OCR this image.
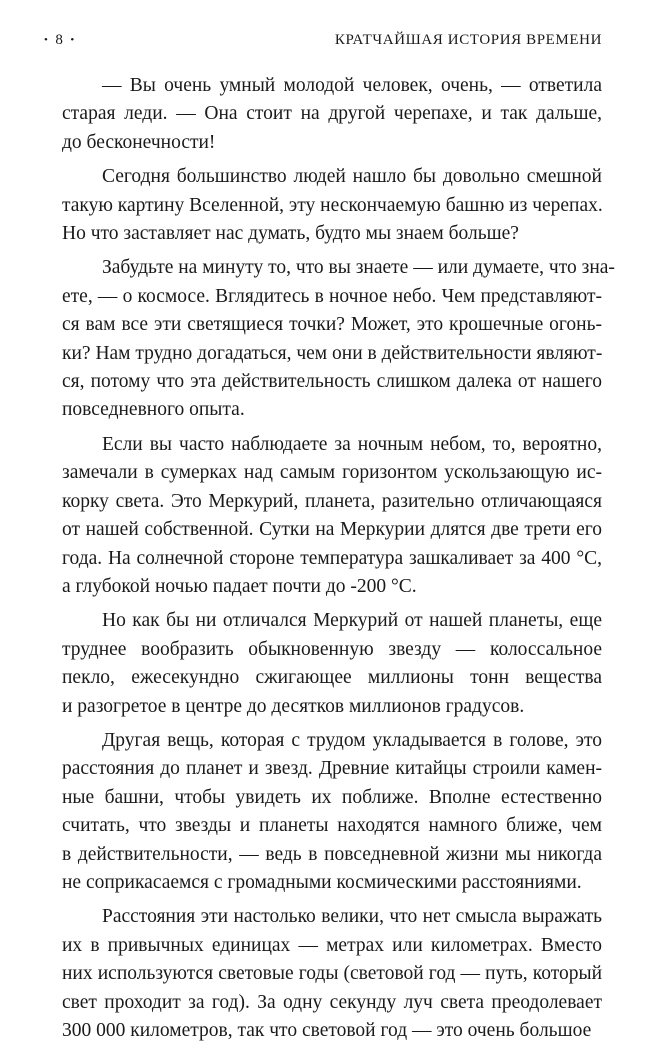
• 8 •	КРАТЧАЙШАЯ ИСТОРИЯ ВРЕМЕНИ
— Вы очень умный молодой человек, очень, — ответила
старая леди. — Она стоит на другой черепахе, и так дальше,
до бесконечности!
Сегодня большинство людей нашло бы довольно смешной
такую картину Вселенной, эту нескончаемую башню из черепах.
Но что заставляет нас думать, будто мы знаем больше?
Забудьте на минуту то, что вы знаете — или думаете, что зна-
ете, — о космосе. Вглядитесь в ночное небо. Чем представляют-
ся вам все эти светящиеся точки? Может, это крошечные огонь-
ки? Нам трудно догадаться, чем они в действительности являют-
ся, потому что эта действительность слишком далека от нашего
повседневного опыта.
Если вы часто наблюдаете за ночным небом, то, вероятно,
замечали в сумерках над самым горизонтом ускользающую ис-
корку света. Это Меркурий, планета, разительно отличающаяся
от нашей собственной. Сутки на Меркурии длятся две трети его
года. На солнечной стороне температура зашкаливает за 400 °C,
а глубокой ночью падает почти до -200 °C.
Но как бы ни отличался Меркурий от нашей планеты, еще
труднее вообразить обыкновенную звезду — колоссальное
пекло, ежесекундно сжигающее миллионы тонн вещества
и разогретое в центре до десятков миллионов градусов.
Другая вещь, которая с трудом укладывается в голове, это
расстояния до планет и звезд. Древние китайцы строили камен-
ные башни, чтобы увидеть их поближе. Вполне естественно
считать, что звезды и планеты находятся намного ближе, чем
в действительности, — ведь в повседневной жизни мы никогда
не соприкасаемся с громадными космическими расстояниями.
Расстояния эти настолько велики, что нет смысла выражать
их в привычных единицах — метрах или километрах. Вместо
них используются световые годы (световой год — путь, который
свет проходит за год). За одну секунду луч света преодолевает
300 000 километров, так что световой год — это очень большое
